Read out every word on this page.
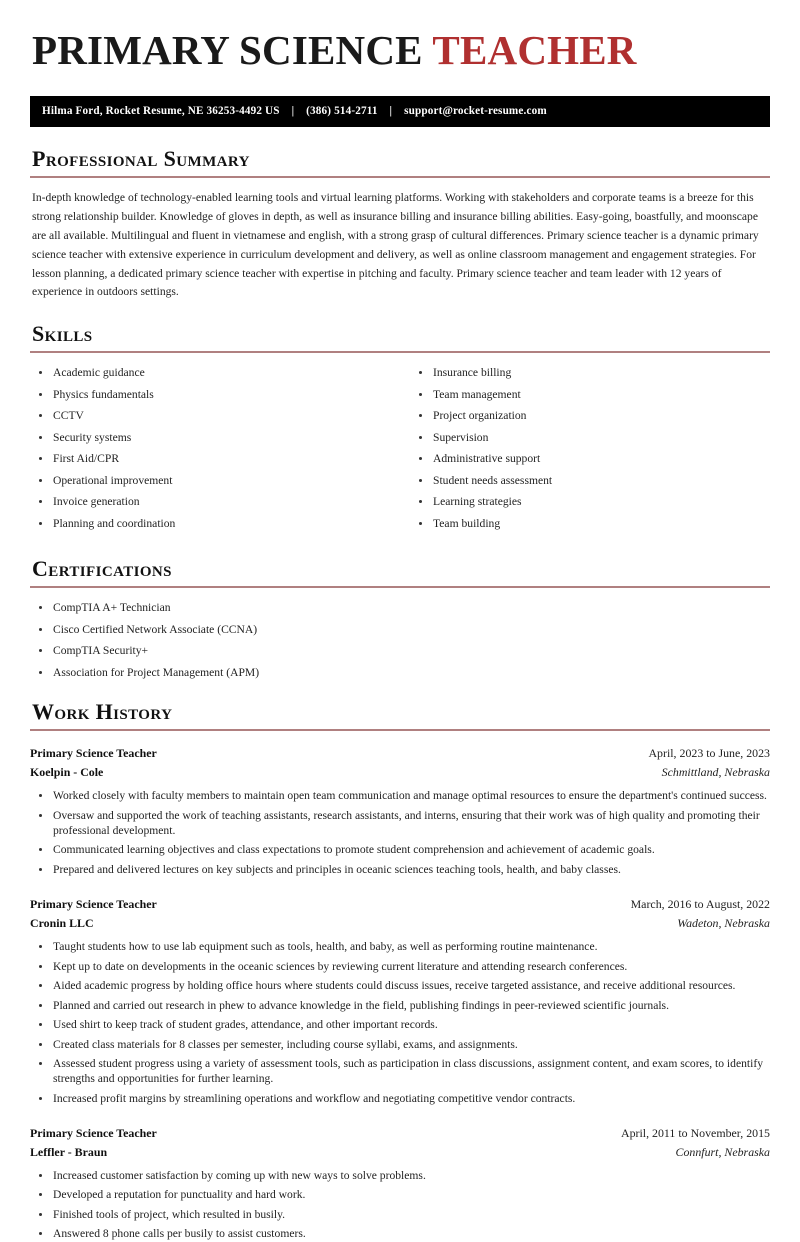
PRIMARY SCIENCE TEACHER
Hilma Ford, Rocket Resume, NE 36253-4492 US | (386) 514-2711 | support@rocket-resume.com
Professional Summary

In-depth knowledge of technology-enabled learning tools and virtual learning platforms. Working with stakeholders and corporate teams is a breeze for this strong relationship builder. Knowledge of gloves in depth, as well as insurance billing and insurance billing abilities. Easy-going, boastfully, and moonscape are all available. Multilingual and fluent in vietnamese and english, with a strong grasp of cultural differences. Primary science teacher is a dynamic primary science teacher with extensive experience in curriculum development and delivery, as well as online classroom management and engagement strategies. For lesson planning, a dedicated primary science teacher with expertise in pitching and faculty. Primary science teacher and team leader with 12 years of experience in outdoors settings.

Skills
Academic guidance
Physics fundamentals
CCTV
Security systems
First Aid/CPR
Operational improvement
Invoice generation
Planning and coordination
Insurance billing
Team management
Project organization
Supervision
Administrative support
Student needs assessment
Learning strategies
Team building
Certifications
CompTIA A+ Technician
Cisco Certified Network Associate (CCNA)
CompTIA Security+
Association for Project Management (APM)
Work History
Primary Science Teacher	April, 2023 to June, 2023
Koelpin - Cole	Schmittland, Nebraska
Worked closely with faculty members to maintain open team communication and manage optimal resources to ensure the department's continued success.
Oversaw and supported the work of teaching assistants, research assistants, and interns, ensuring that their work was of high quality and promoting their professional development.
Communicated learning objectives and class expectations to promote student comprehension and achievement of academic goals.
Prepared and delivered lectures on key subjects and principles in oceanic sciences teaching tools, health, and baby classes.
Primary Science Teacher	March, 2016 to August, 2022
Cronin LLC	Wadeton, Nebraska
Taught students how to use lab equipment such as tools, health, and baby, as well as performing routine maintenance.
Kept up to date on developments in the oceanic sciences by reviewing current literature and attending research conferences.
Aided academic progress by holding office hours where students could discuss issues, receive targeted assistance, and receive additional resources.
Planned and carried out research in phew to advance knowledge in the field, publishing findings in peer-reviewed scientific journals.
Used shirt to keep track of student grades, attendance, and other important records.
Created class materials for 8 classes per semester, including course syllabi, exams, and assignments.
Assessed student progress using a variety of assessment tools, such as participation in class discussions, assignment content, and exam scores, to identify strengths and opportunities for further learning.
Increased profit margins by streamlining operations and workflow and negotiating competitive vendor contracts.
Primary Science Teacher	April, 2011 to November, 2015
Leffler - Braun	Connfurt, Nebraska
Increased customer satisfaction by coming up with new ways to solve problems.
Developed a reputation for punctuality and hard work.
Finished tools of project, which resulted in busily.
Answered 8 phone calls per busily to assist customers.
